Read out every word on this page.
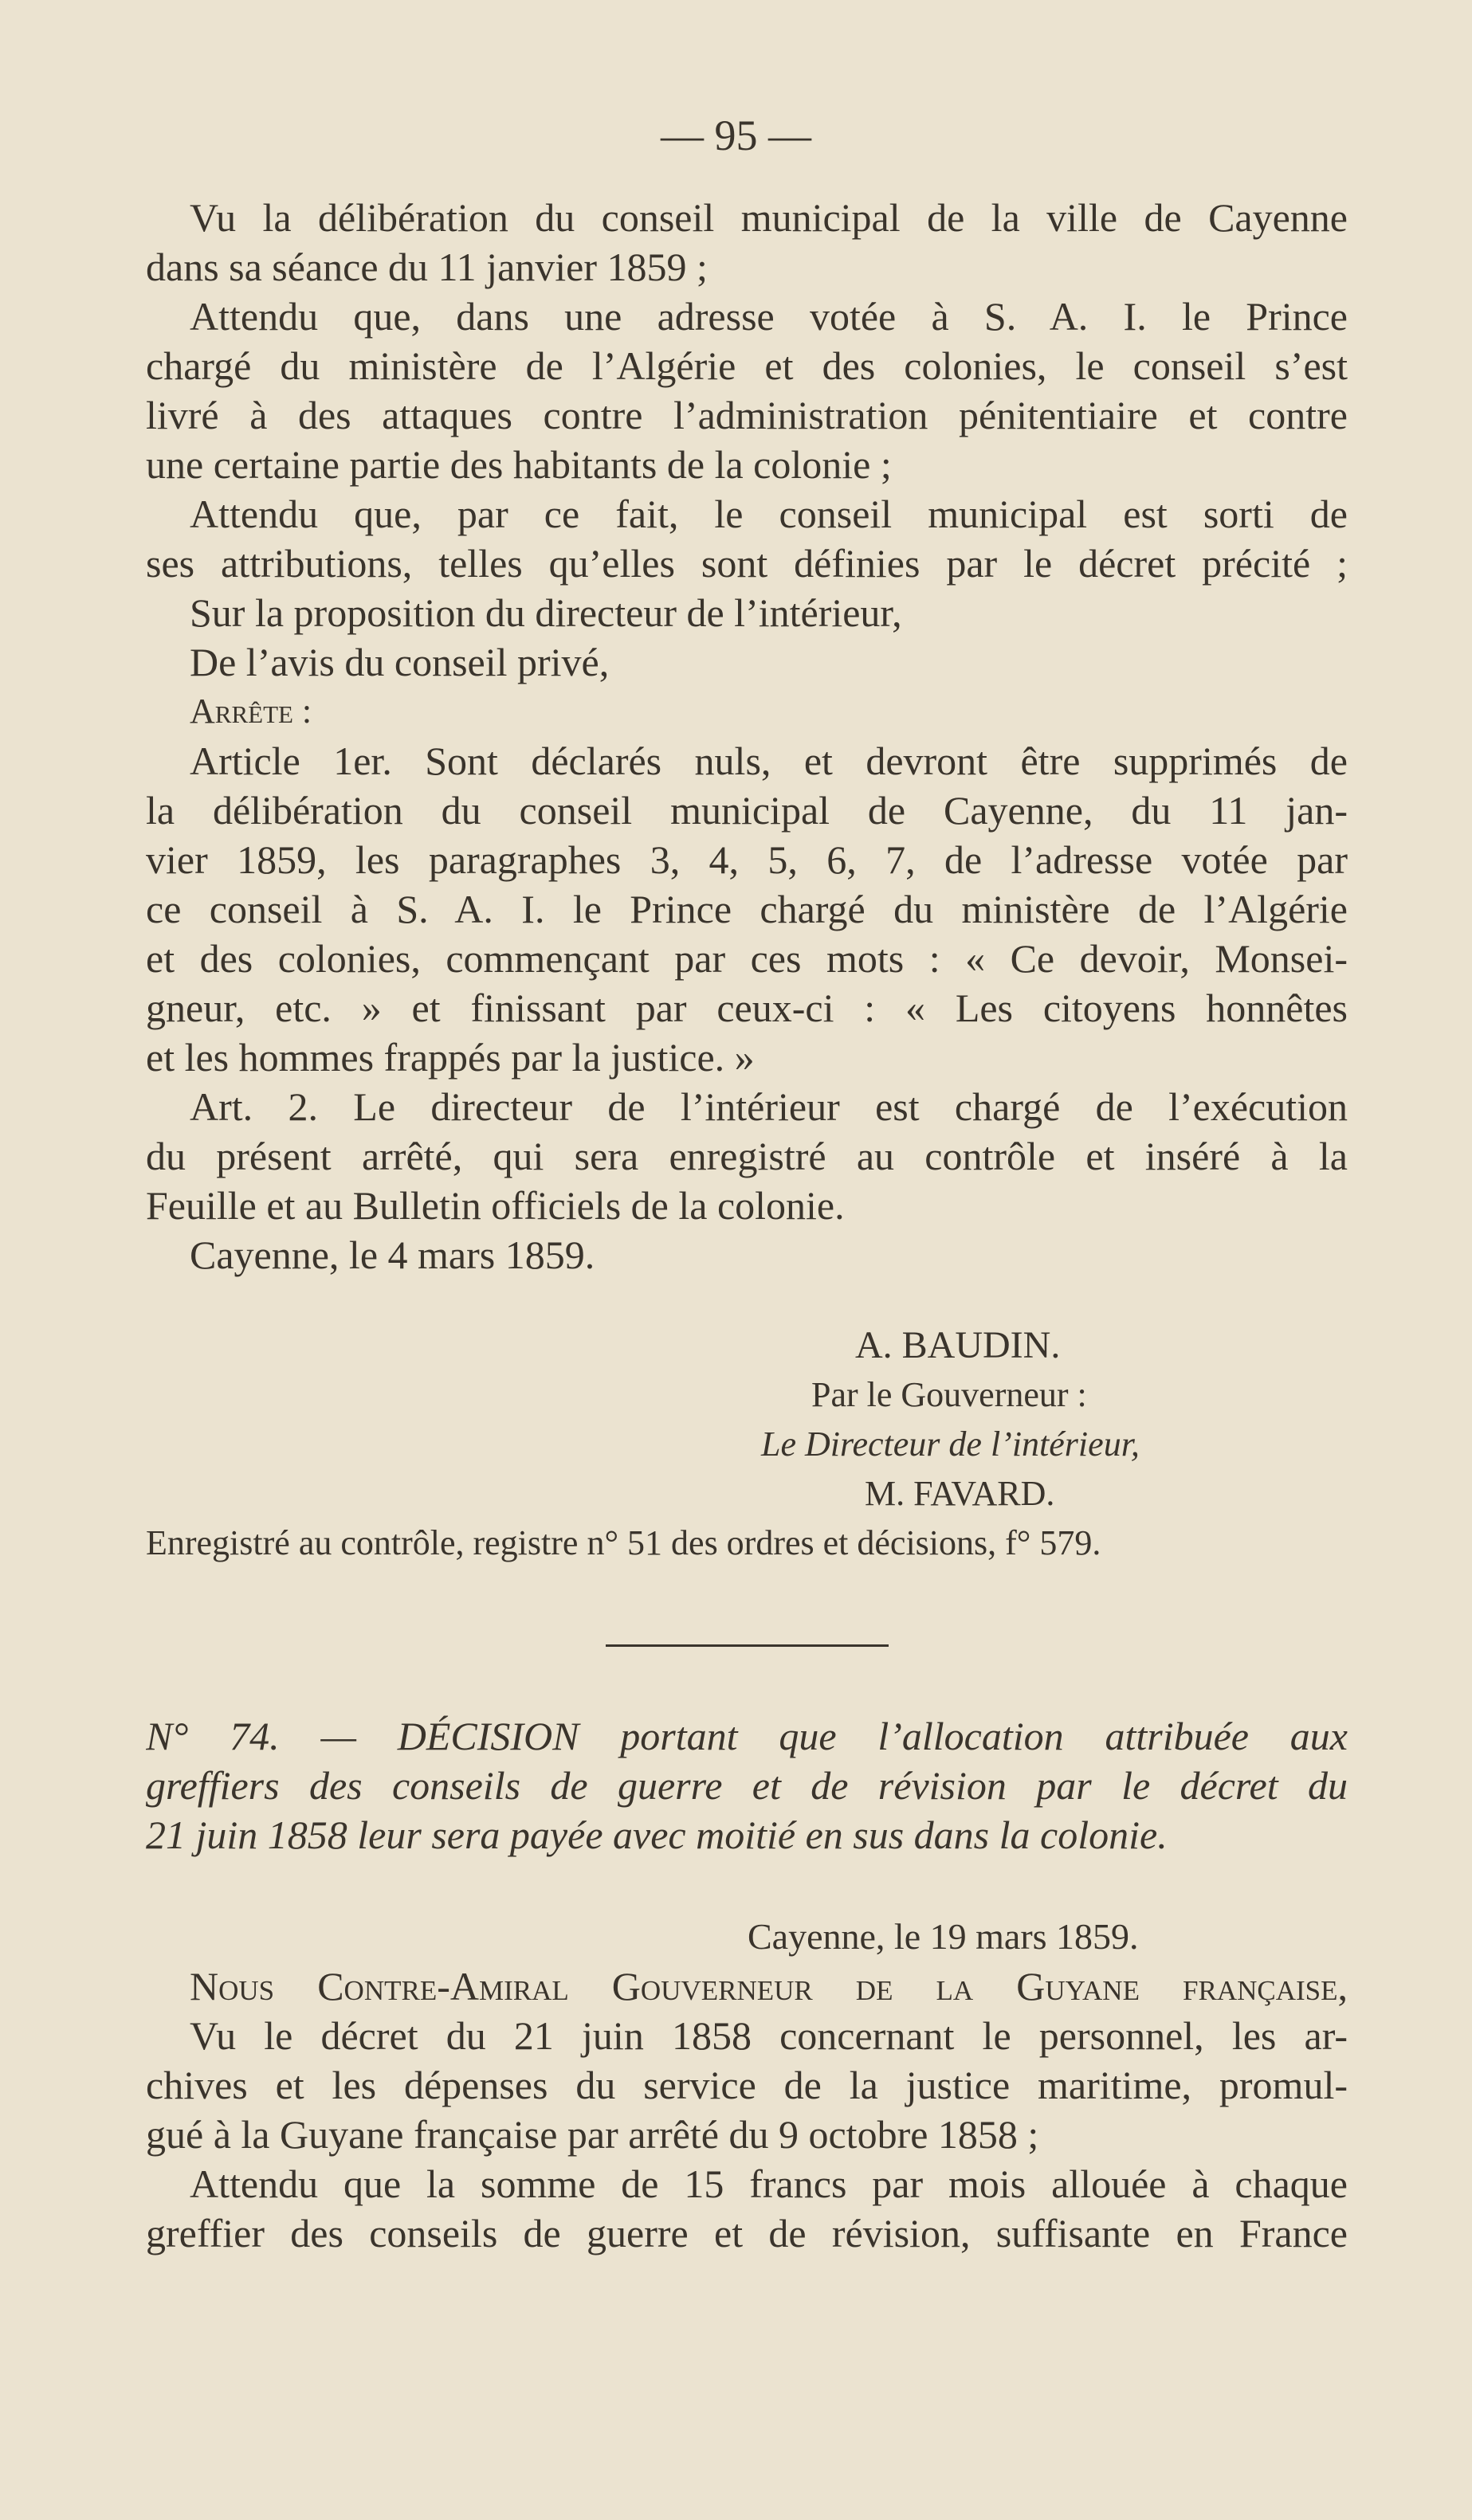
— 95 —
Vu la délibération du conseil municipal de la ville de Cayenne
dans sa séance du 11 janvier 1859 ;
Attendu que, dans une adresse votée à S. A. I. le Prince
chargé du ministère de l’Algérie et des colonies, le conseil s’est
livré à des attaques contre l’administration pénitentiaire et contre
une certaine partie des habitants de la colonie ;
Attendu que, par ce fait, le conseil municipal est sorti de
ses attributions, telles qu’elles sont définies par le décret précité ;
Sur la proposition du directeur de l’intérieur,
De l’avis du conseil privé,
Arrête :
Article 1er. Sont déclarés nuls, et devront être supprimés de
la délibération du conseil municipal de Cayenne, du 11 jan-
vier 1859, les paragraphes 3, 4, 5, 6, 7, de l’adresse votée par
ce conseil à S. A. I. le Prince chargé du ministère de l’Algérie
et des colonies, commençant par ces mots : « Ce devoir, Monsei-
gneur, etc. » et finissant par ceux-ci : « Les citoyens honnêtes
et les hommes frappés par la justice. »
Art. 2. Le directeur de l’intérieur est chargé de l’exécution
du présent arrêté, qui sera enregistré au contrôle et inséré à la
Feuille et au Bulletin officiels de la colonie.
Cayenne, le 4 mars 1859.
A. BAUDIN.
Par le Gouverneur :
Le Directeur de l’intérieur,
M. FAVARD.
Enregistré au contrôle, registre n° 51 des ordres et décisions, f° 579.
N° 74. — DÉCISION portant que l’allocation attribuée aux
greffiers des conseils de guerre et de révision par le décret du
21 juin 1858 leur sera payée avec moitié en sus dans la colonie.
Cayenne, le 19 mars 1859.
Nous Contre-Amiral Gouverneur de la Guyane française,
Vu le décret du 21 juin 1858 concernant le personnel, les ar-
chives et les dépenses du service de la justice maritime, promul-
gué à la Guyane française par arrêté du 9 octobre 1858 ;
Attendu que la somme de 15 francs par mois allouée à chaque
greffier des conseils de guerre et de révision, suffisante en France
